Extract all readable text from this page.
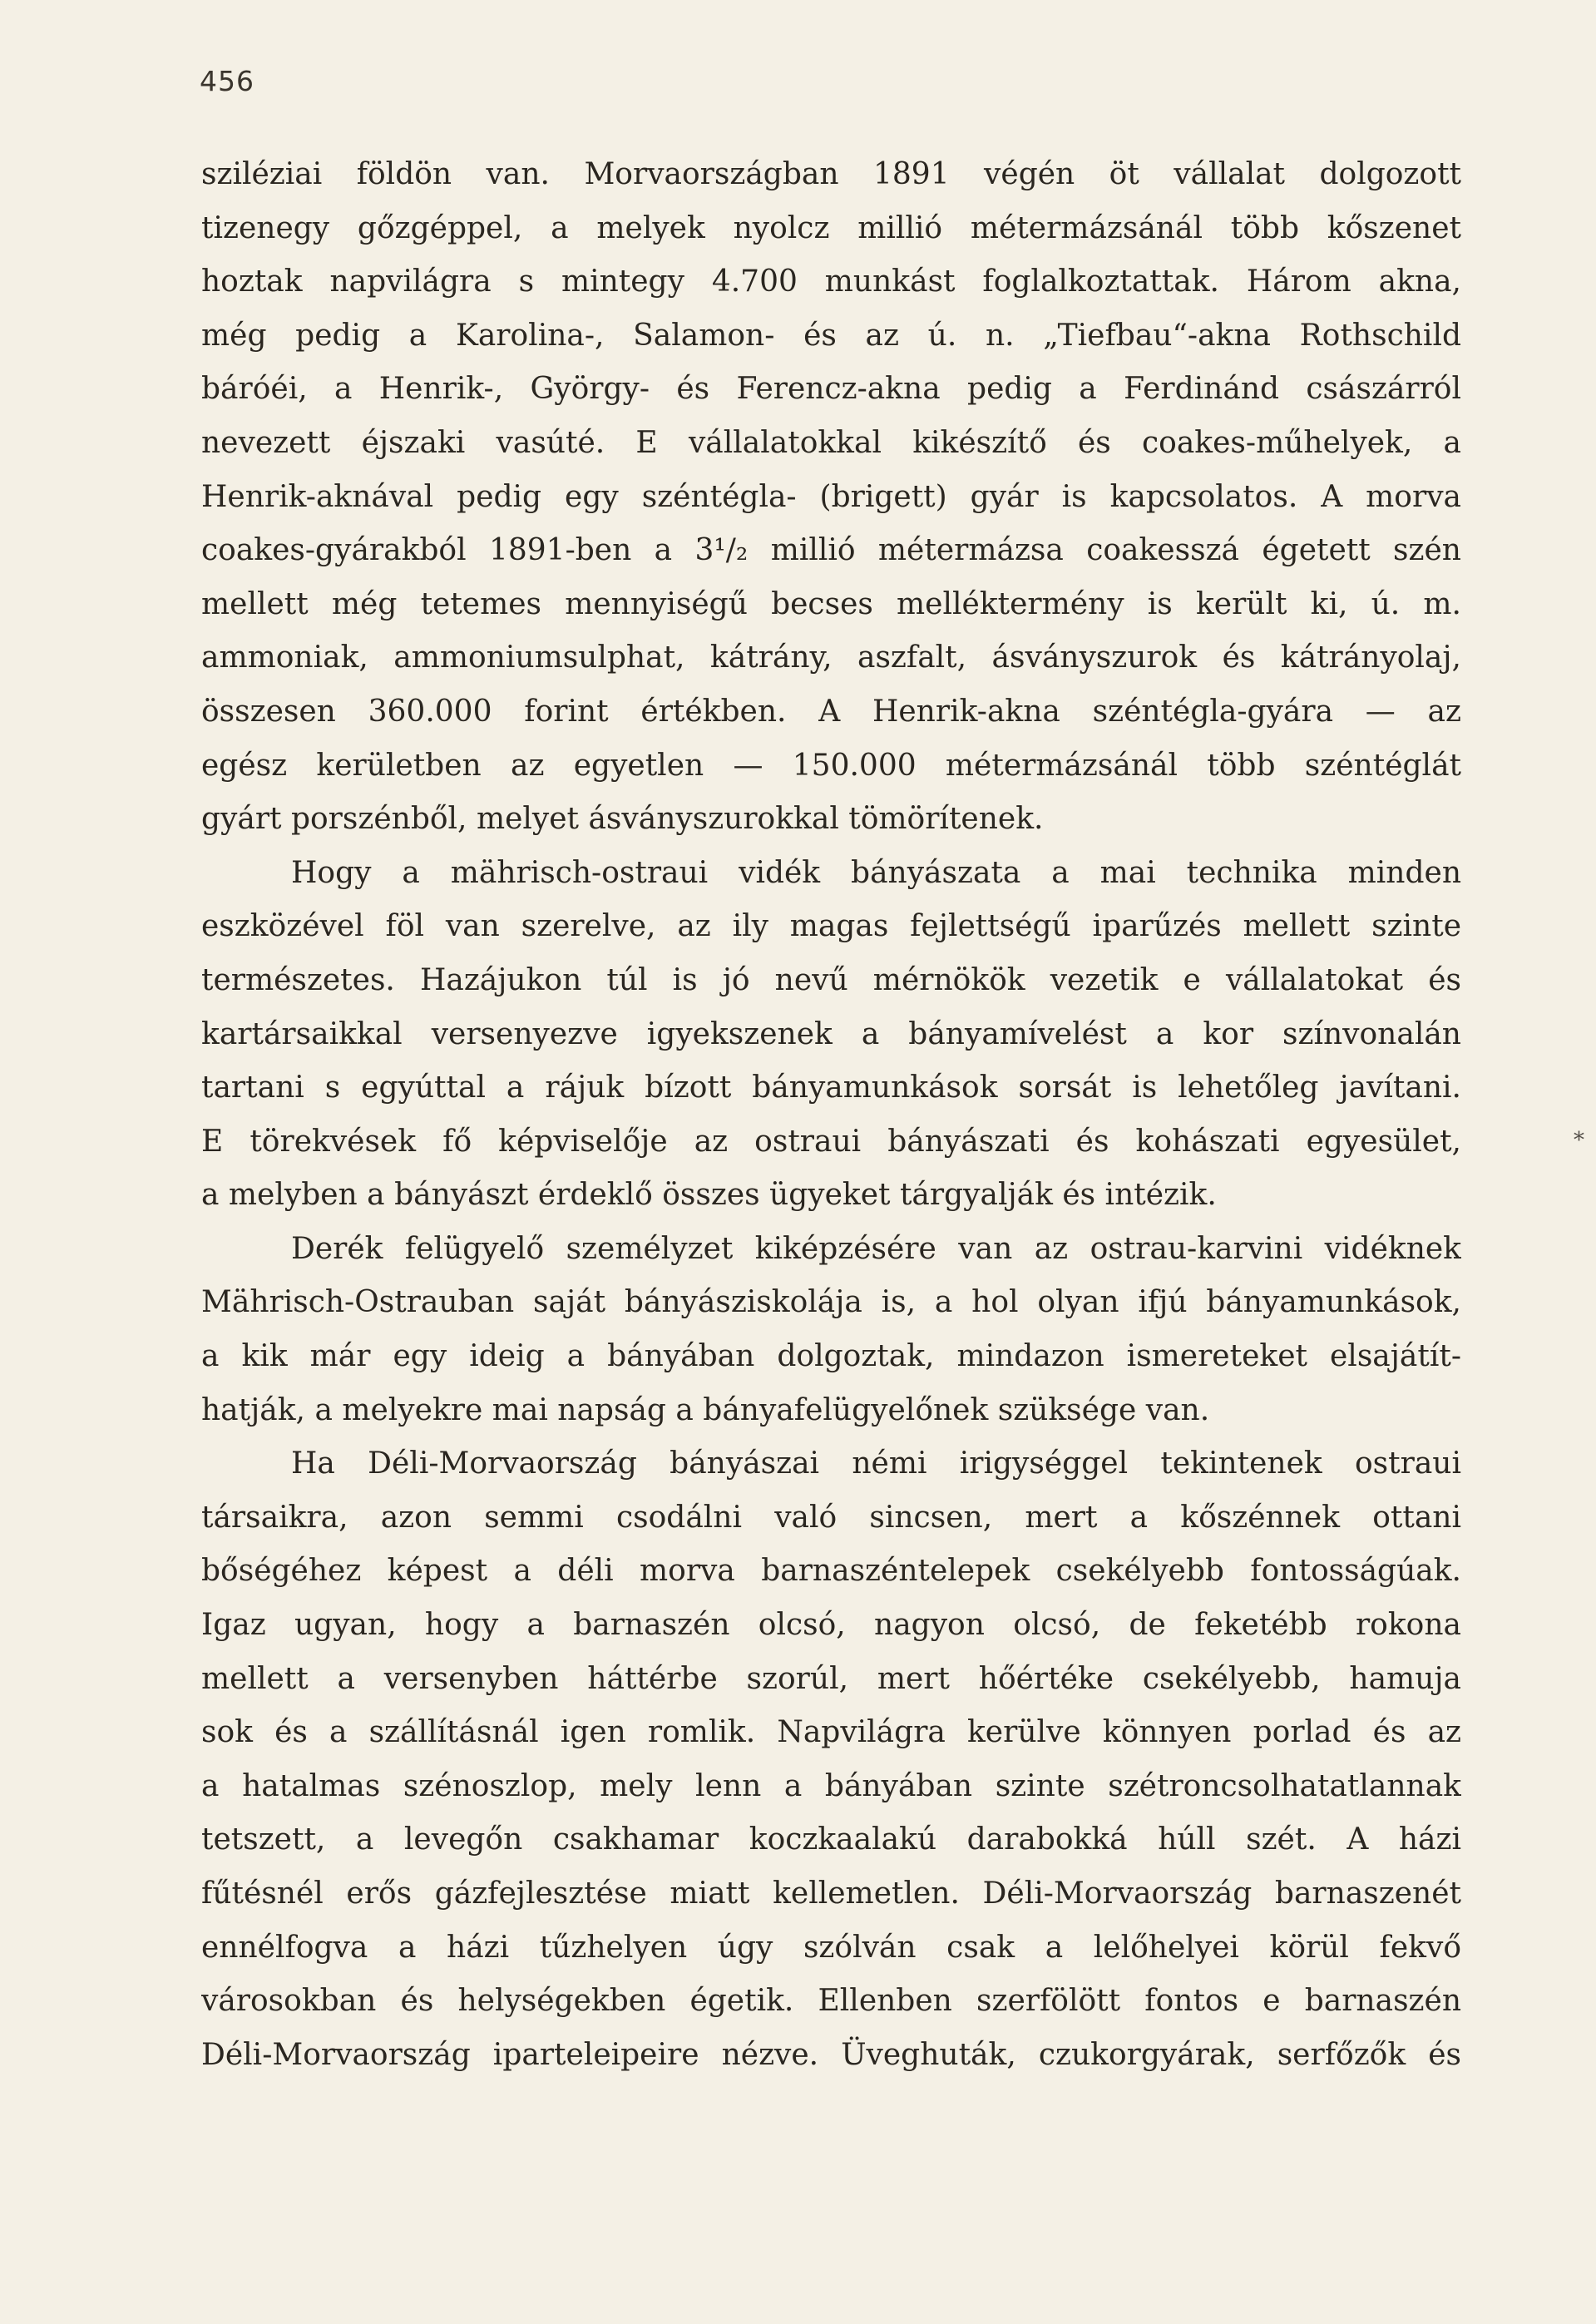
456
*
sziléziai földön van. Morvaországban 1891 végén öt vállalat dolgozott
tizenegy gőzgéppel, a melyek nyolcz millió métermázsánál több kőszenet
hoztak napvilágra s mintegy 4.700 munkást foglalkoztattak. Három akna,
még pedig a Karolina-, Salamon- és az ú. n. „Tiefbau“-akna Rothschild
báróéi, a Henrik-, György- és Ferencz-akna pedig a Ferdinánd császárról
nevezett éjszaki vasúté. E vállalatokkal kikészítő és coakes-műhelyek, a
Henrik-aknával pedig egy széntégla- (brigett) gyár is kapcsolatos. A morva
coakes-gyárakból 1891-ben a 3¹/₂ millió métermázsa coakesszá égetett szén
mellett még tetemes mennyiségű becses melléktermény is került ki, ú. m.
ammoniak, ammoniumsulphat, kátrány, aszfalt, ásványszurok és kátrányolaj,
összesen 360.000 forint értékben. A Henrik-akna széntégla-gyára — az
egész kerületben az egyetlen — 150.000 métermázsánál több széntéglát
gyárt porszénből, melyet ásványszurokkal tömörítenek.
Hogy a mährisch-ostraui vidék bányászata a mai technika minden
eszközével föl van szerelve, az ily magas fejlettségű iparűzés mellett szinte
természetes. Hazájukon túl is jó nevű mérnökök vezetik e vállalatokat és
kartársaikkal versenyezve igyekszenek a bányamívelést a kor színvonalán
tartani s egyúttal a rájuk bízott bányamunkások sorsát is lehetőleg javítani.
E törekvések fő képviselője az ostraui bányászati és kohászati egyesület,
a melyben a bányászt érdeklő összes ügyeket tárgyalják és intézik.
Derék felügyelő személyzet kiképzésére van az ostrau-karvini vidéknek
Mährisch-Ostrauban saját bányásziskolája is, a hol olyan ifjú bányamunkások,
a kik már egy ideig a bányában dolgoztak, mindazon ismereteket elsajátít-
hatják, a melyekre mai napság a bányafelügyelőnek szüksége van.
Ha Déli-Morvaország bányászai némi irigységgel tekintenek ostraui
társaikra, azon semmi csodálni való sincsen, mert a kőszénnek ottani
bőségéhez képest a déli morva barnaszéntelepek csekélyebb fontosságúak.
Igaz ugyan, hogy a barnaszén olcsó, nagyon olcsó, de feketébb rokona
mellett a versenyben háttérbe szorúl, mert hőértéke csekélyebb, hamuja
sok és a szállításnál igen romlik. Napvilágra kerülve könnyen porlad és az
a hatalmas szénoszlop, mely lenn a bányában szinte szétroncsolhatatlannak
tetszett, a levegőn csakhamar koczkaalakú darabokká húll szét. A házi
fűtésnél erős gázfejlesztése miatt kellemetlen. Déli-Morvaország barnaszenét
ennélfogva a házi tűzhelyen úgy szólván csak a lelőhelyei körül fekvő
városokban és helységekben égetik. Ellenben szerfölött fontos e barnaszén
Déli-Morvaország iparteleipeire nézve. Üveghuták, czukorgyárak, serfőzők és
